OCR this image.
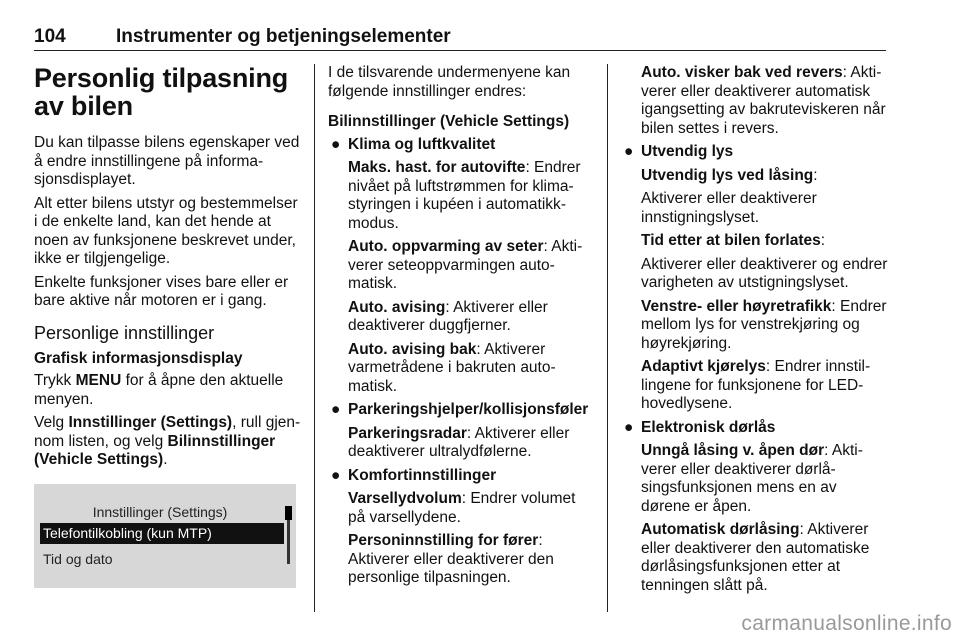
104	Instrumenter og betjeningselementer
Personlig tilpasning av bilen

Du kan tilpasse bilens egenskaper ved å endre innstillingene på informasjonsdisplayet.

Alt etter bilens utstyr og bestemmelser i de enkelte land, kan det hende at noen av funksjonene beskrevet under, ikke er tilgjengelige.

Enkelte funksjoner vises bare eller er bare aktive når motoren er i gang.

Personlige innstillinger
Grafisk informasjonsdisplay

Trykk MENU for å åpne den aktuelle menyen.

Velg Innstillinger (Settings), rull gjennom listen, og velg Bilinnstillinger (Vehicle Settings).

Innstillinger (Settings)
Telefontilkobling (kun MTP)
Tid og dato

I de tilsvarende undermenyene kan følgende innstillinger endres:

Bilinnstillinger (Vehicle Settings)
● Klima og luftkvalitet

Maks. hast. for autovifte: Endrer nivået på luftstrømmen for klimastyringen i kupéen i automatikkmodus.

Auto. oppvarming av seter: Aktiverer seteoppvarmingen automatisk.

Auto. avising: Aktiverer eller deaktiverer duggfjerner.

Auto. avising bak: Aktiverer varmetrådene i bakruten automatisk.

● Parkeringshjelper/kollisjonsføler

Parkeringsradar: Aktiverer eller deaktiverer ultralydfølerne.

● Komfortinnstillinger

Varsellydvolum: Endrer volumet på varsellydene.

Personinnstilling for fører: Aktiverer eller deaktiverer den personlige tilpasningen.

Auto. visker bak ved revers: Aktiverer eller deaktiverer automatisk igangsetting av bakruteviskeren når bilen settes i revers.

● Utvendig lys

Utvendig lys ved låsing:

Aktiverer eller deaktiverer innstigningslyset.

Tid etter at bilen forlates:

Aktiverer eller deaktiverer og endrer varigheten av utstigningslyset.

Venstre- eller høyretrafikk: Endrer mellom lys for venstrekjøring og høyrekjøring.

Adaptivt kjørelys: Endrer innstillingene for funksjonene for LED-hovedlysene.

● Elektronisk dørlås

Unngå låsing v. åpen dør: Aktiverer eller deaktiverer dørlåsingsfunksjonen mens en av dørene er åpen.

Automatisk dørlåsing: Aktiverer eller deaktiverer den automatiske dørlåsingsfunksjonen etter at tenningen slått på.

carmanualsonline.info
